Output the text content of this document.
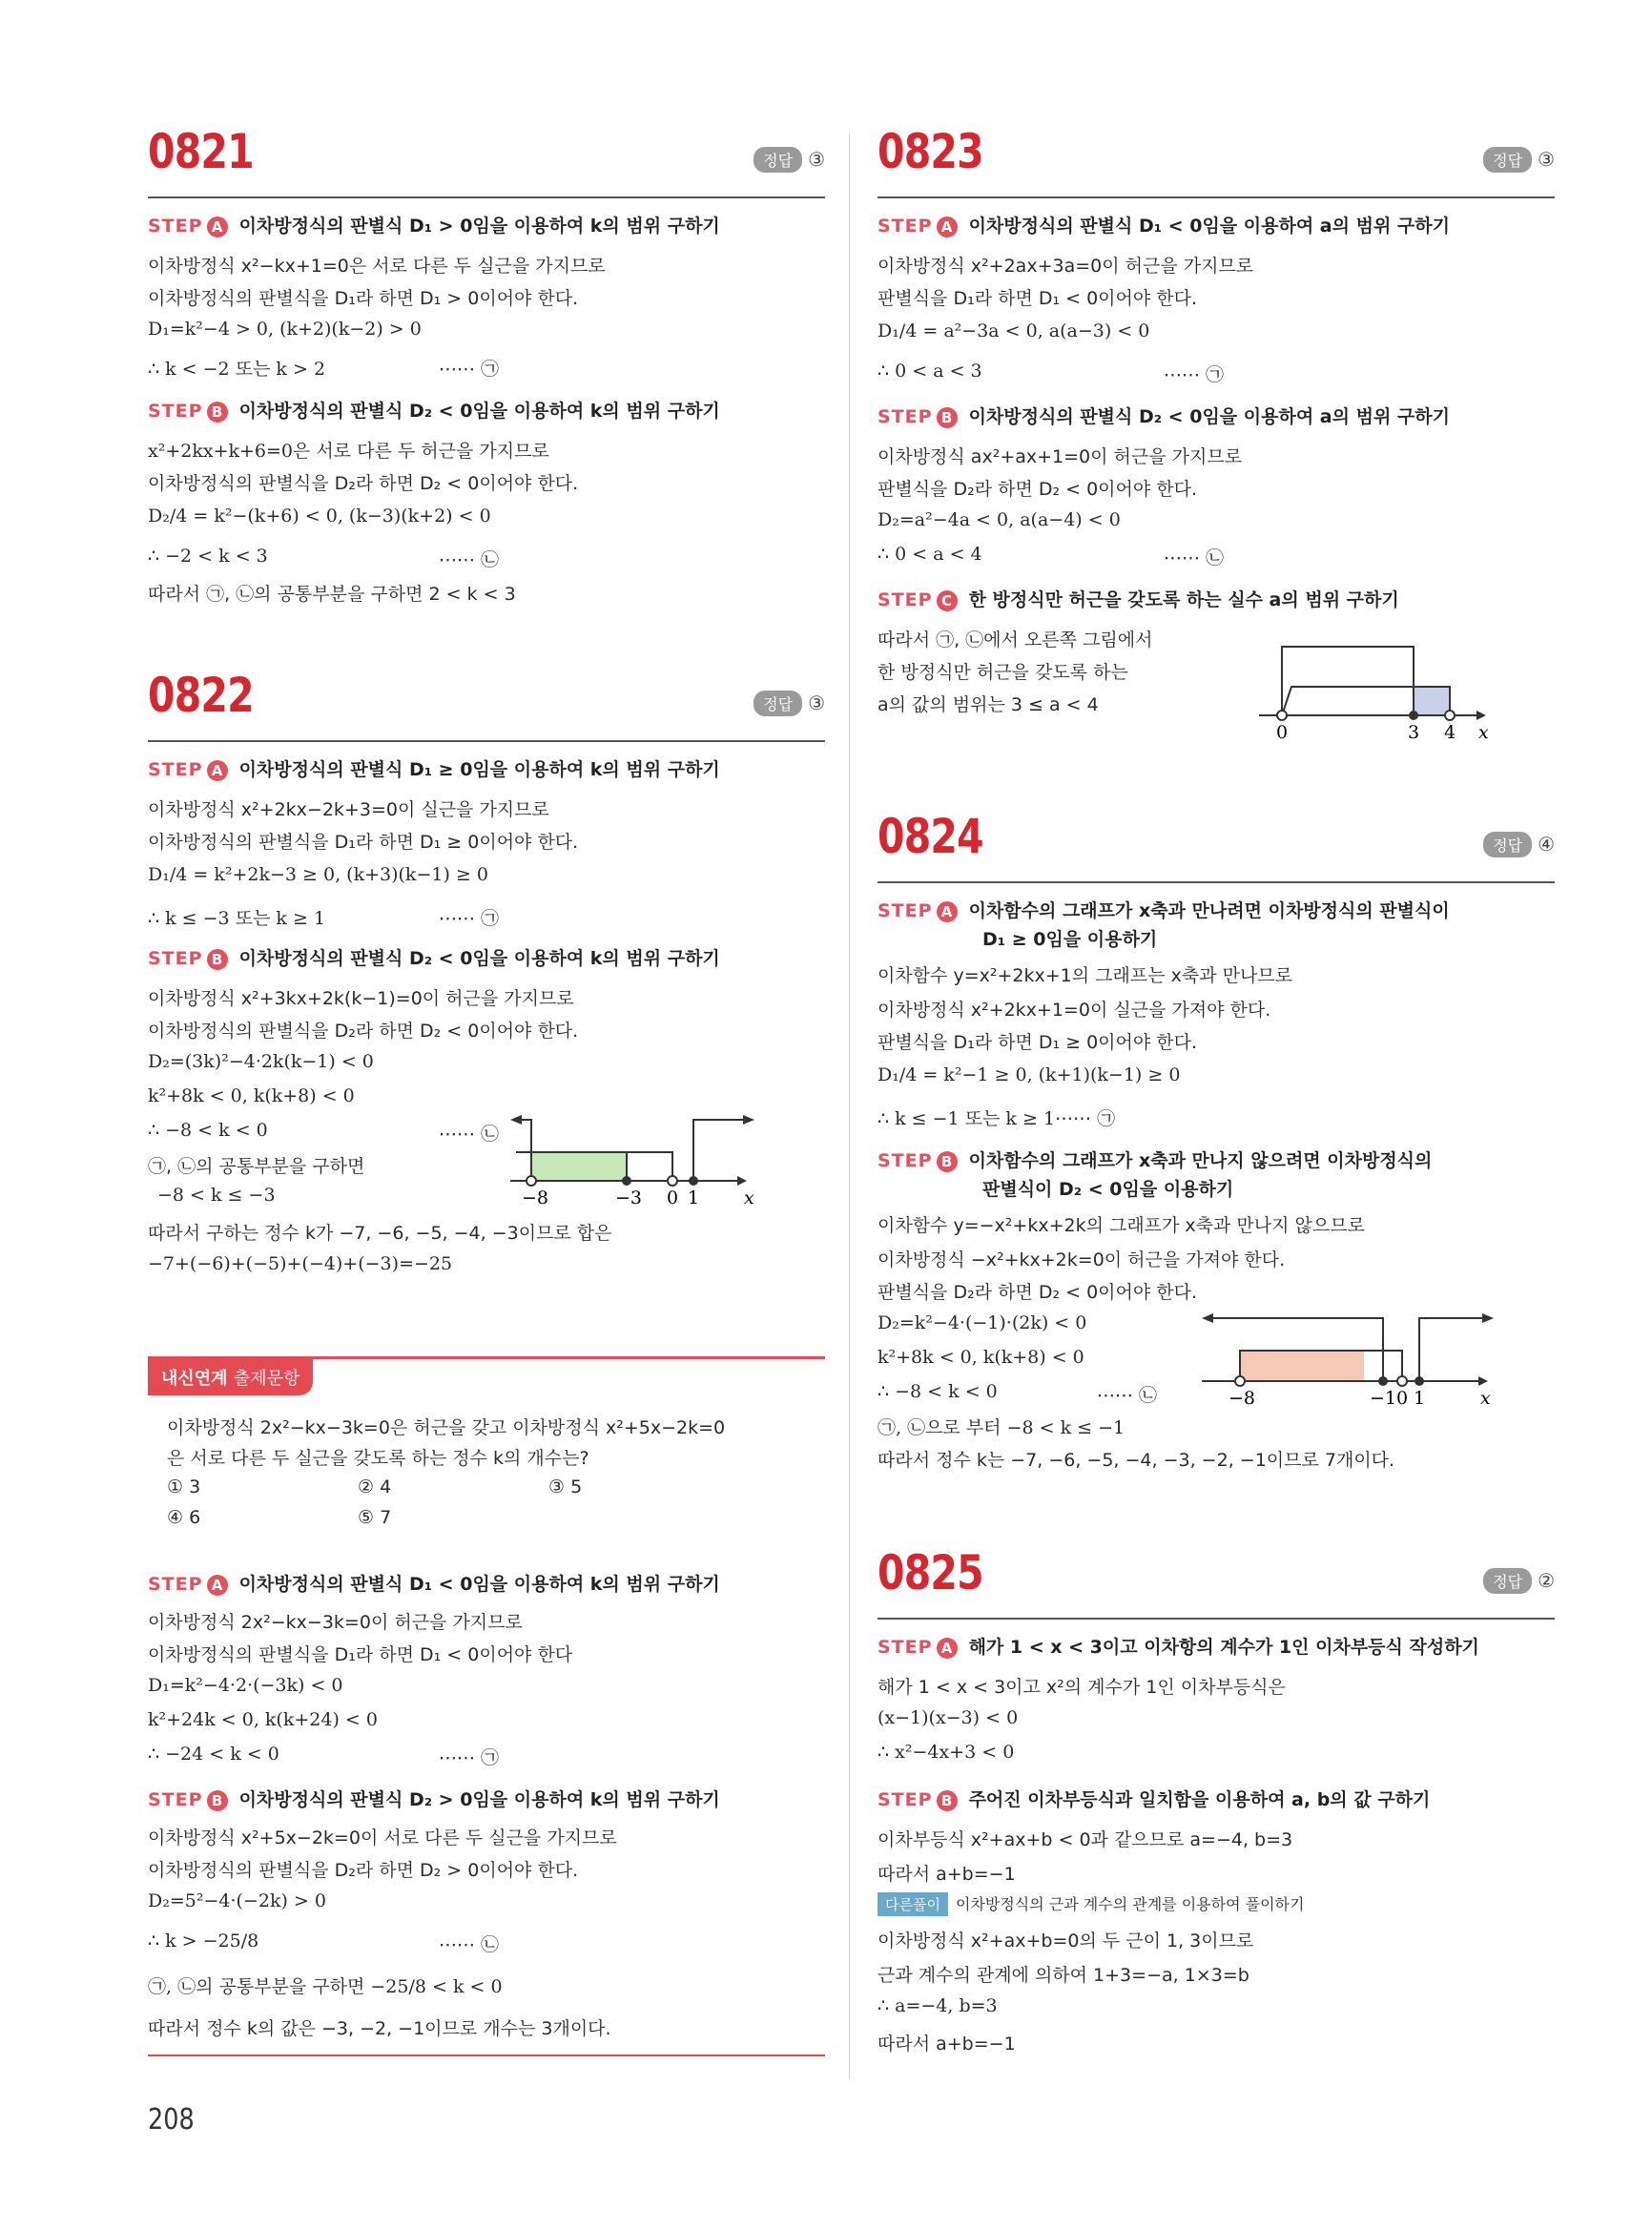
0821	정답 ③
STEP A 이차방정식의 판별식 D₁ > 0임을 이용하여 k의 범위 구하기
이차방정식 x²−kx+1=0은 서로 다른 두 실근을 가지므로
이차방정식의 판별식을 D₁라 하면 D₁ > 0이어야 한다.
D₁=k²−4 > 0, (k+2)(k−2) > 0
∴ k < −2 또는 k > 2	⋯⋯ ㉠
STEP B 이차방정식의 판별식 D₂ < 0임을 이용하여 k의 범위 구하기
x²+2kx+k+6=0은 서로 다른 두 허근을 가지므로
이차방정식의 판별식을 D₂라 하면 D₂ < 0이어야 한다.
D₂/4 = k²−(k+6) < 0, (k−3)(k+2) < 0
∴ −2 < k < 3	⋯⋯ ㉡
따라서 ㉠, ㉡의 공통부분을 구하면 2 < k < 3
0822	정답 ③
STEP A 이차방정식의 판별식 D₁ ≥ 0임을 이용하여 k의 범위 구하기
이차방정식 x²+2kx−2k+3=0이 실근을 가지므로
이차방정식의 판별식을 D₁라 하면 D₁ ≥ 0이어야 한다.
D₁/4 = k²+2k−3 ≥ 0, (k+3)(k−1) ≥ 0
∴ k ≤ −3 또는 k ≥ 1	⋯⋯ ㉠
STEP B 이차방정식의 판별식 D₂ < 0임을 이용하여 k의 범위 구하기
이차방정식 x²+3kx+2k(k−1)=0이 허근을 가지므로
이차방정식의 판별식을 D₂라 하면 D₂ < 0이어야 한다.
D₂=(3k)²−4·2k(k−1) < 0
k²+8k < 0, k(k+8) < 0
∴ −8 < k < 0	⋯⋯ ㉡
㉠, ㉡의 공통부분을 구하면
−8 < k ≤ −3
따라서 구하는 정수 k가 −7, −6, −5, −4, −3이므로 합은
−7+(−6)+(−5)+(−4)+(−3)=−25
−8	−3 0 1 x
내신연계 출제문항
이차방정식 2x²−kx−3k=0은 허근을 갖고 이차방정식 x²+5x−2k=0
은 서로 다른 두 실근을 갖도록 하는 정수 k의 개수는?
① 3	② 4	③ 5
④ 6	⑤ 7
STEP A 이차방정식의 판별식 D₁ < 0임을 이용하여 k의 범위 구하기
이차방정식 2x²−kx−3k=0이 허근을 가지므로
이차방정식의 판별식을 D₁라 하면 D₁ < 0이어야 한다
D₁=k²−4·2·(−3k) < 0
k²+24k < 0, k(k+24) < 0
∴ −24 < k < 0	⋯⋯ ㉠
STEP B 이차방정식의 판별식 D₂ > 0임을 이용하여 k의 범위 구하기
이차방정식 x²+5x−2k=0이 서로 다른 두 실근을 가지므로
이차방정식의 판별식을 D₂라 하면 D₂ > 0이어야 한다.
D₂=5²−4·(−2k) > 0
∴ k > −25/8	⋯⋯ ㉡
㉠, ㉡의 공통부분을 구하면 −25/8 < k < 0
따라서 정수 k의 값은 −3, −2, −1이므로 개수는 3개이다.
0823	정답 ③
STEP A 이차방정식의 판별식 D₁ < 0임을 이용하여 a의 범위 구하기
이차방정식 x²+2ax+3a=0이 허근을 가지므로
판별식을 D₁라 하면 D₁ < 0이어야 한다.
D₁/4 = a²−3a < 0, a(a−3) < 0
∴ 0 < a < 3	⋯⋯ ㉠
STEP B 이차방정식의 판별식 D₂ < 0임을 이용하여 a의 범위 구하기
이차방정식 ax²+ax+1=0이 허근을 가지므로
판별식을 D₂라 하면 D₂ < 0이어야 한다.
D₂=a²−4a < 0, a(a−4) < 0
∴ 0 < a < 4	⋯⋯ ㉡
STEP C 한 방정식만 허근을 갖도록 하는 실수 a의 범위 구하기
따라서 ㉠, ㉡에서 오른쪽 그림에서
한 방정식만 허근을 갖도록 하는
a의 값의 범위는 3 ≤ a < 4
0	3 4 x
0824	정답 ④
STEP A 이차함수의 그래프가 x축과 만나려면 이차방정식의 판별식이
D₁ ≥ 0임을 이용하기
이차함수 y=x²+2kx+1의 그래프는 x축과 만나므로
이차방정식 x²+2kx+1=0이 실근을 가져야 한다.
판별식을 D₁라 하면 D₁ ≥ 0이어야 한다.
D₁/4 = k²−1 ≥ 0, (k+1)(k−1) ≥ 0
∴ k ≤ −1 또는 k ≥ 1⋯⋯ ㉠
STEP B 이차함수의 그래프가 x축과 만나지 않으려면 이차방정식의
판별식이 D₂ < 0임을 이용하기
이차함수 y=−x²+kx+2k의 그래프가 x축과 만나지 않으므로
이차방정식 −x²+kx+2k=0이 허근을 가져야 한다.
판별식을 D₂라 하면 D₂ < 0이어야 한다.
D₂=k²−4·(−1)·(2k) < 0
k²+8k < 0, k(k+8) < 0
∴ −8 < k < 0	⋯⋯ ㉡
㉠, ㉡으로 부터 −8 < k ≤ −1
따라서 정수 k는 −7, −6, −5, −4, −3, −2, −1이므로 7개이다.
−8	−1 0 1	x
0825	정답 ②
STEP A 해가 1 < x < 3이고 이차항의 계수가 1인 이차부등식 작성하기
해가 1 < x < 3이고 x²의 계수가 1인 이차부등식은
(x−1)(x−3) < 0
∴ x²−4x+3 < 0
STEP B 주어진 이차부등식과 일치함을 이용하여 a, b의 값 구하기
이차부등식 x²+ax+b < 0과 같으므로 a=−4, b=3
따라서 a+b=−1
다른풀이 이차방정식의 근과 계수의 관계를 이용하여 풀이하기
이차방정식 x²+ax+b=0의 두 근이 1, 3이므로
근과 계수의 관계에 의하여 1+3=−a, 1×3=b
∴ a=−4, b=3
따라서 a+b=−1
208
